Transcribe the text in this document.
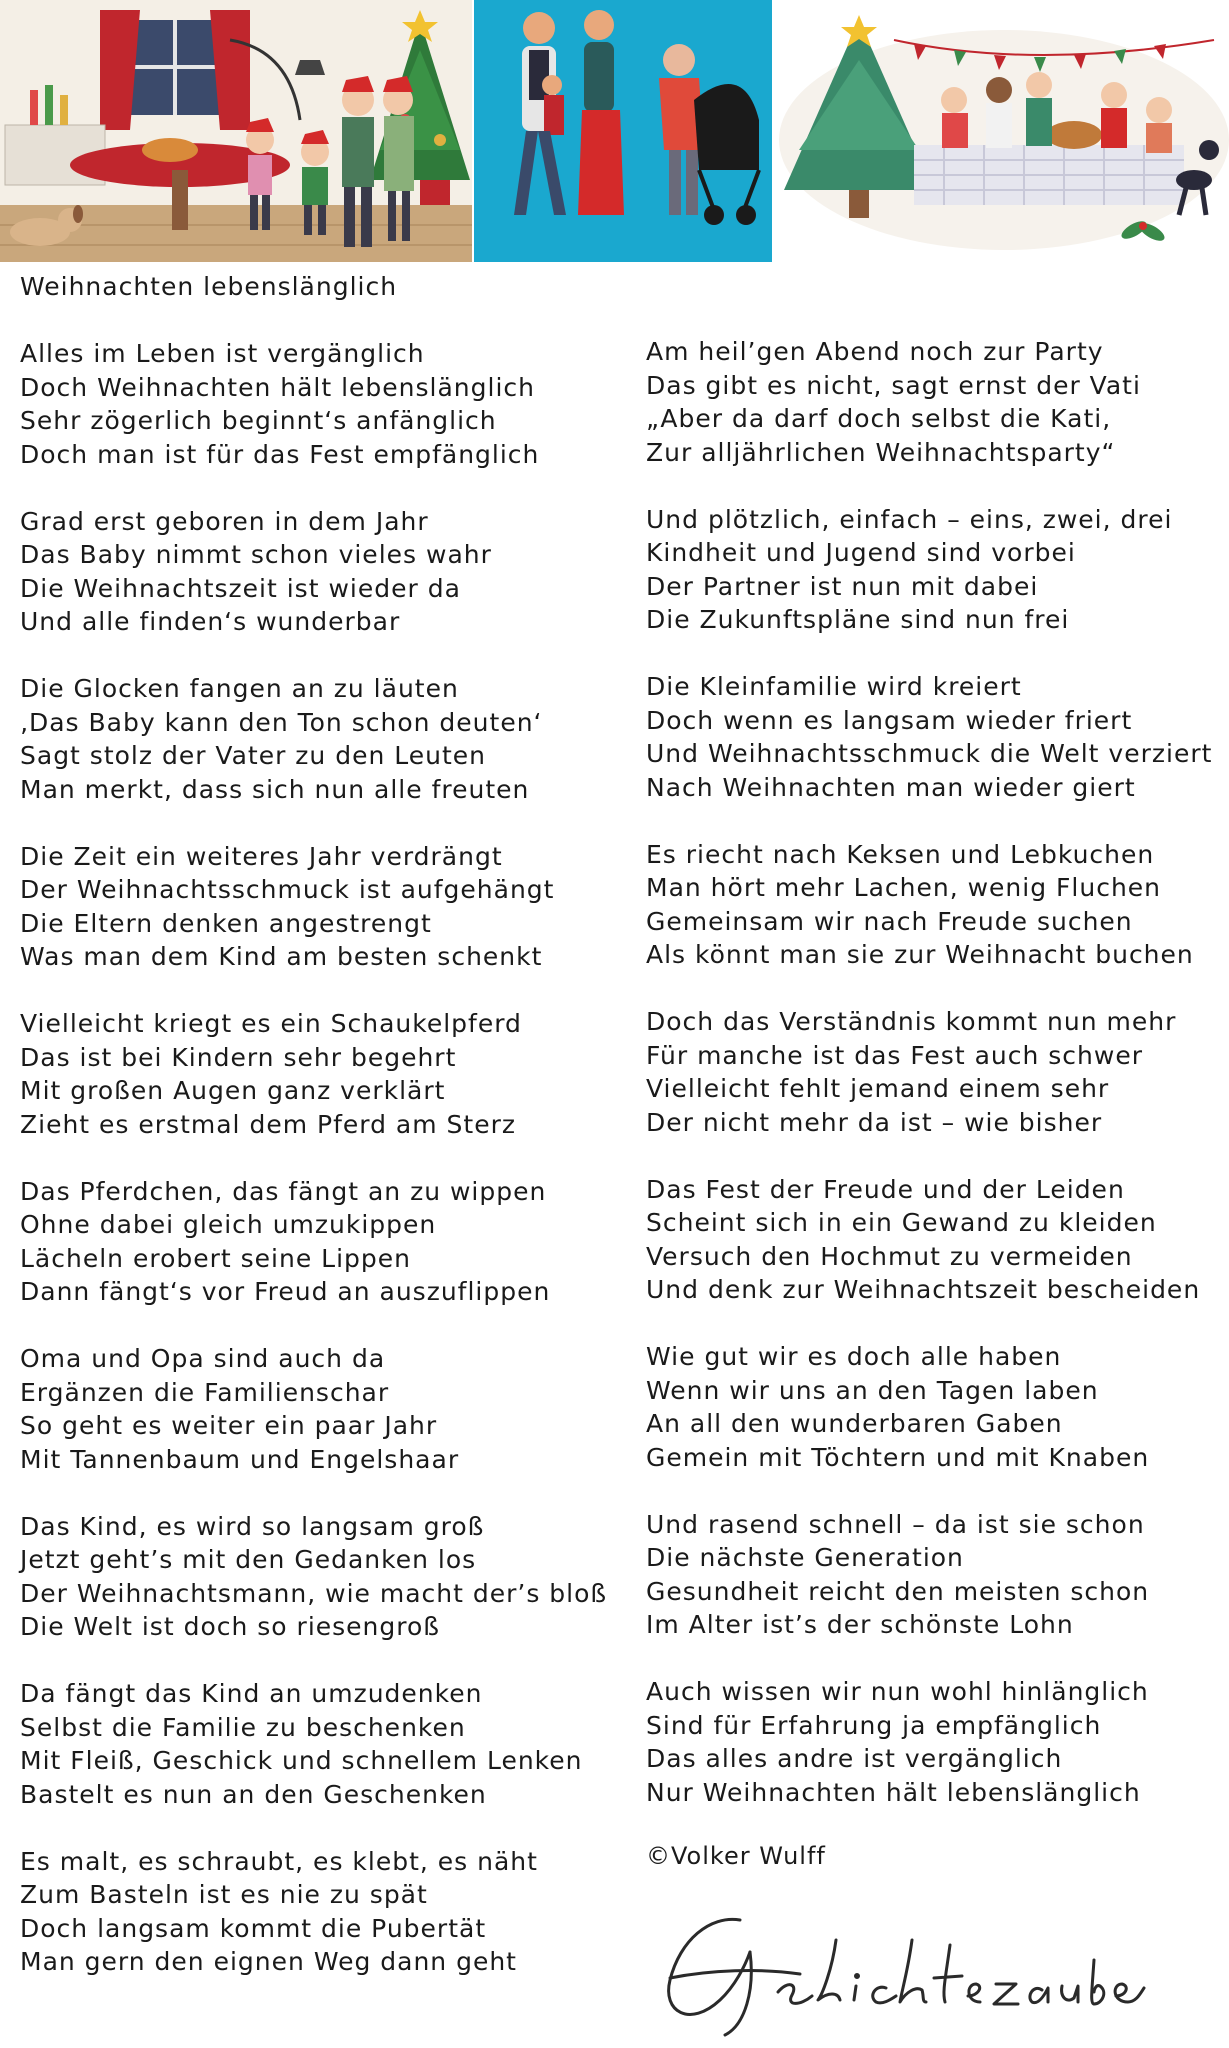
Weihnachten lebenslänglich
Alles im Leben ist vergänglich
Doch Weihnachten hält lebenslänglich
Sehr zögerlich beginnt‘s anfänglich
Doch man ist für das Fest empfänglich
Grad erst geboren in dem Jahr
Das Baby nimmt schon vieles wahr
Die Weihnachtszeit ist wieder da
Und alle finden‘s wunderbar
Die Glocken fangen an zu läuten
‚Das Baby kann den Ton schon deuten‘
Sagt stolz der Vater zu den Leuten
Man merkt, dass sich nun alle freuten
Die Zeit ein weiteres Jahr verdrängt
Der Weihnachtsschmuck ist aufgehängt
Die Eltern denken angestrengt
Was man dem Kind am besten schenkt
Vielleicht kriegt es ein Schaukelpferd
Das ist bei Kindern sehr begehrt
Mit großen Augen ganz verklärt
Zieht es erstmal dem Pferd am Sterz
Das Pferdchen, das fängt an zu wippen
Ohne dabei gleich umzukippen
Lächeln erobert seine Lippen
Dann fängt‘s vor Freud an auszuflippen
Oma und Opa sind auch da
Ergänzen die Familienschar
So geht es weiter ein paar Jahr
Mit Tannenbaum und Engelshaar
Das Kind, es wird so langsam groß
Jetzt geht’s mit den Gedanken los
Der Weihnachtsmann, wie macht der’s bloß
Die Welt ist doch so riesengroß
Da fängt das Kind an umzudenken
Selbst die Familie zu beschenken
Mit Fleiß, Geschick und schnellem Lenken
Bastelt es nun an den Geschenken
Es malt, es schraubt, es klebt, es näht
Zum Basteln ist es nie zu spät
Doch langsam kommt die Pubertät
Man gern den eignen Weg dann geht
Am heil’gen Abend noch zur Party
Das gibt es nicht, sagt ernst der Vati
„Aber da darf doch selbst die Kati,
Zur alljährlichen Weihnachtsparty“
Und plötzlich, einfach – eins, zwei, drei
Kindheit und Jugend sind vorbei
Der Partner ist nun mit dabei
Die Zukunftspläne sind nun frei
Die Kleinfamilie wird kreiert
Doch wenn es langsam wieder friert
Und Weihnachtsschmuck die Welt verziert
Nach Weihnachten man wieder giert
Es riecht nach Keksen und Lebkuchen
Man hört mehr Lachen, wenig Fluchen
Gemeinsam wir nach Freude suchen
Als könnt man sie zur Weihnacht buchen
Doch das Verständnis kommt nun mehr
Für manche ist das Fest auch schwer
Vielleicht fehlt jemand einem sehr
Der nicht mehr da ist – wie bisher
Das Fest der Freude und der Leiden
Scheint sich in ein Gewand zu kleiden
Versuch den Hochmut zu vermeiden
Und denk zur Weihnachtszeit bescheiden
Wie gut wir es doch alle haben
Wenn wir uns an den Tagen laben
An all den wunderbaren Gaben
Gemein mit Töchtern und mit Knaben
Und rasend schnell – da ist sie schon
Die nächste Generation
Gesundheit reicht den meisten schon
Im Alter ist’s der schönste Lohn
Auch wissen wir nun wohl hinlänglich
Sind für Erfahrung ja empfänglich
Das alles andre ist vergänglich
Nur Weihnachten hält lebenslänglich
©Volker Wulff
